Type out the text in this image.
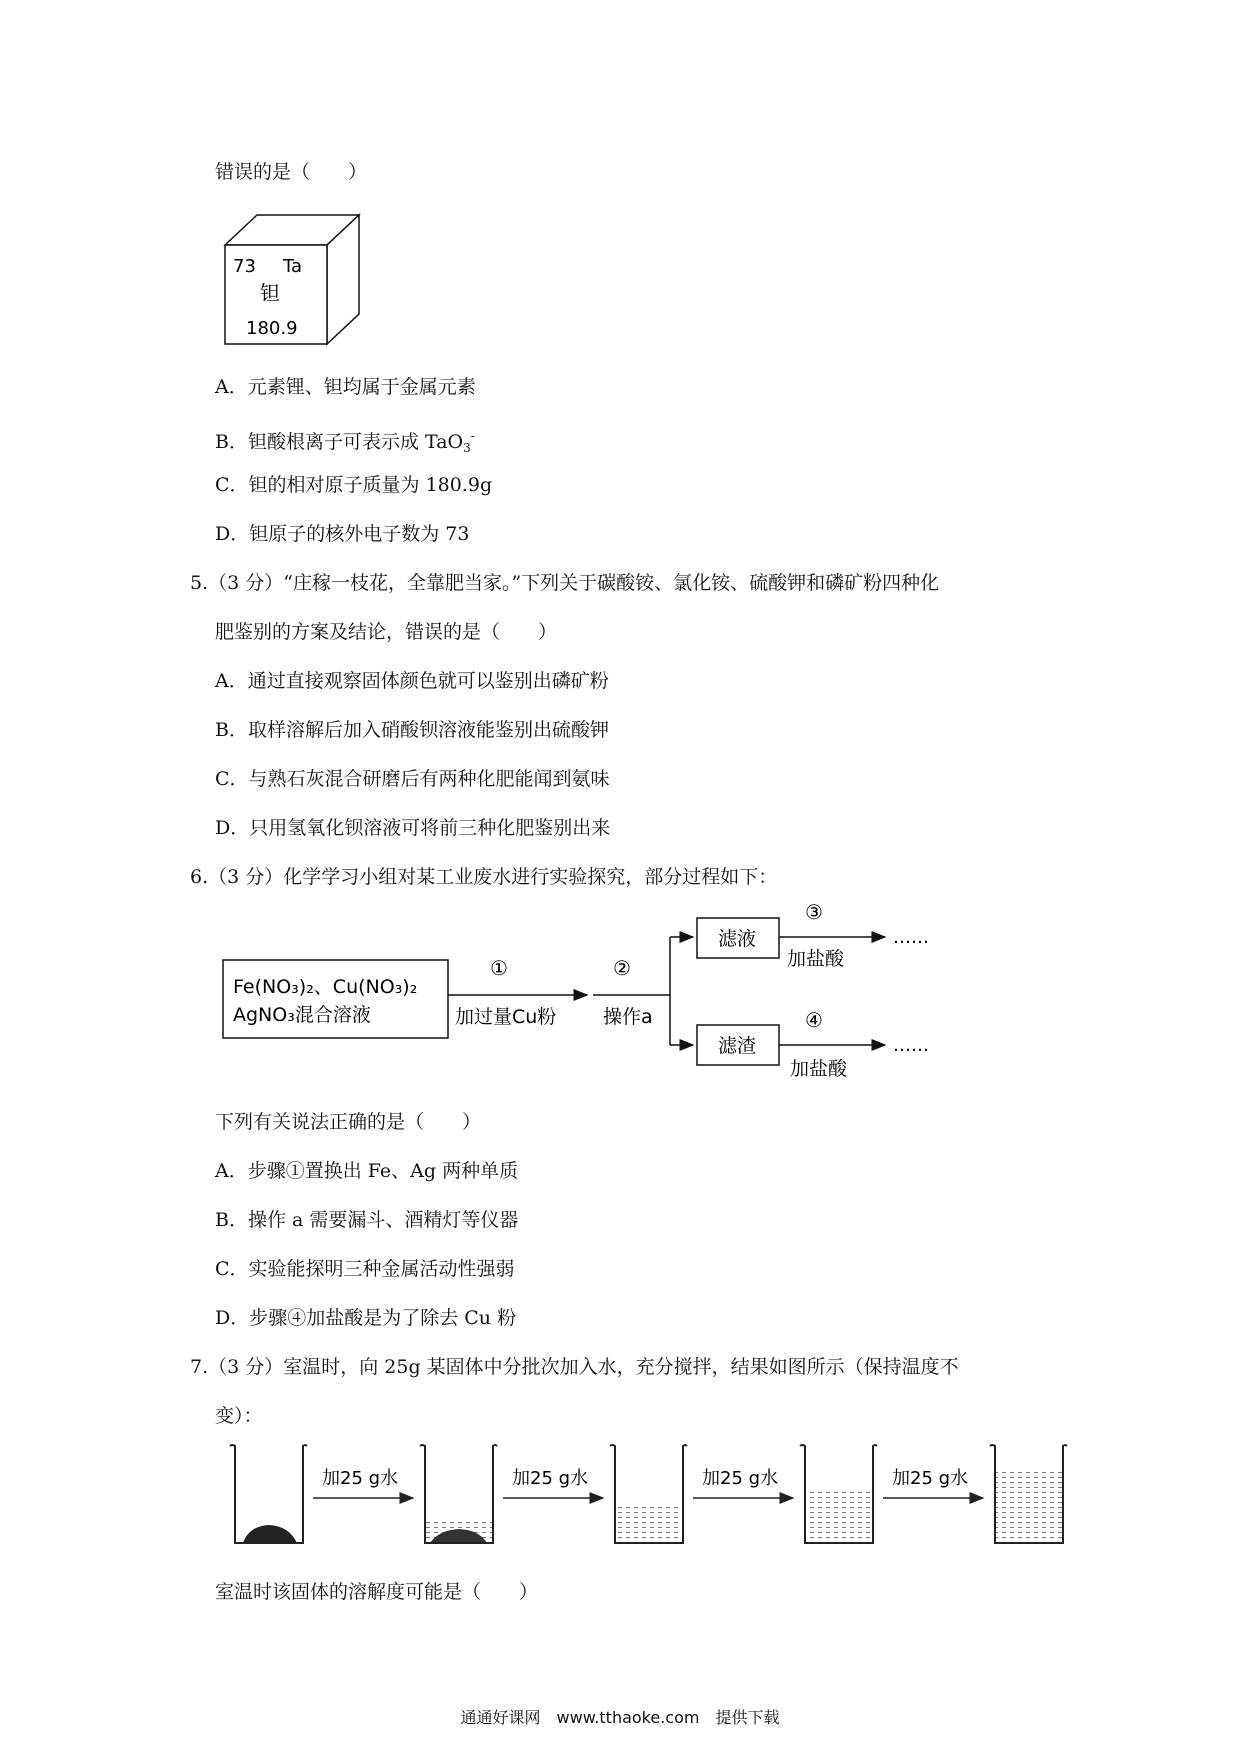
错误的是（　　）
73 Ta
钽
180.9
A．元素锂、钽均属于金属元素
B．钽酸根离子可表示成 TaO$_3$-
C．钽的相对原子质量为 180.9g
D．钽原子的核外电子数为 73
5.（3 分）“庄稼一枝花，全靠肥当家。”下列关于碳酸铵、氯化铵、硫酸钾和磷矿粉四种化
肥鉴别的方案及结论，错误的是（　　）
A．通过直接观察固体颜色就可以鉴别出磷矿粉
B．取样溶解后加入硝酸钡溶液能鉴别出硫酸钾
C．与熟石灰混合研磨后有两种化肥能闻到氨味
D．只用氢氧化钡溶液可将前三种化肥鉴别出来
6.（3 分）化学学习小组对某工业废水进行实验探究，部分过程如下：
Fe(NO₃)₂、Cu(NO₃)₂
AgNO₃混合溶液
①
加过量Cu粉
②
操作a
滤液
③
加盐酸
……
滤渣
④
加盐酸
……
下列有关说法正确的是（　　）
A．步骤①置换出 Fe、Ag 两种单质
B．操作 a 需要漏斗、酒精灯等仪器
C．实验能探明三种金属活动性强弱
D．步骤④加盐酸是为了除去 Cu 粉
7.（3 分）室温时，向 25g 某固体中分批次加入水，充分搅拌，结果如图所示（保持温度不
变）：
加25 g水	加25 g水	加25 g水	加25 g水
室温时该固体的溶解度可能是（　　）
通通好课网　www.tthaoke.com　提供下载
